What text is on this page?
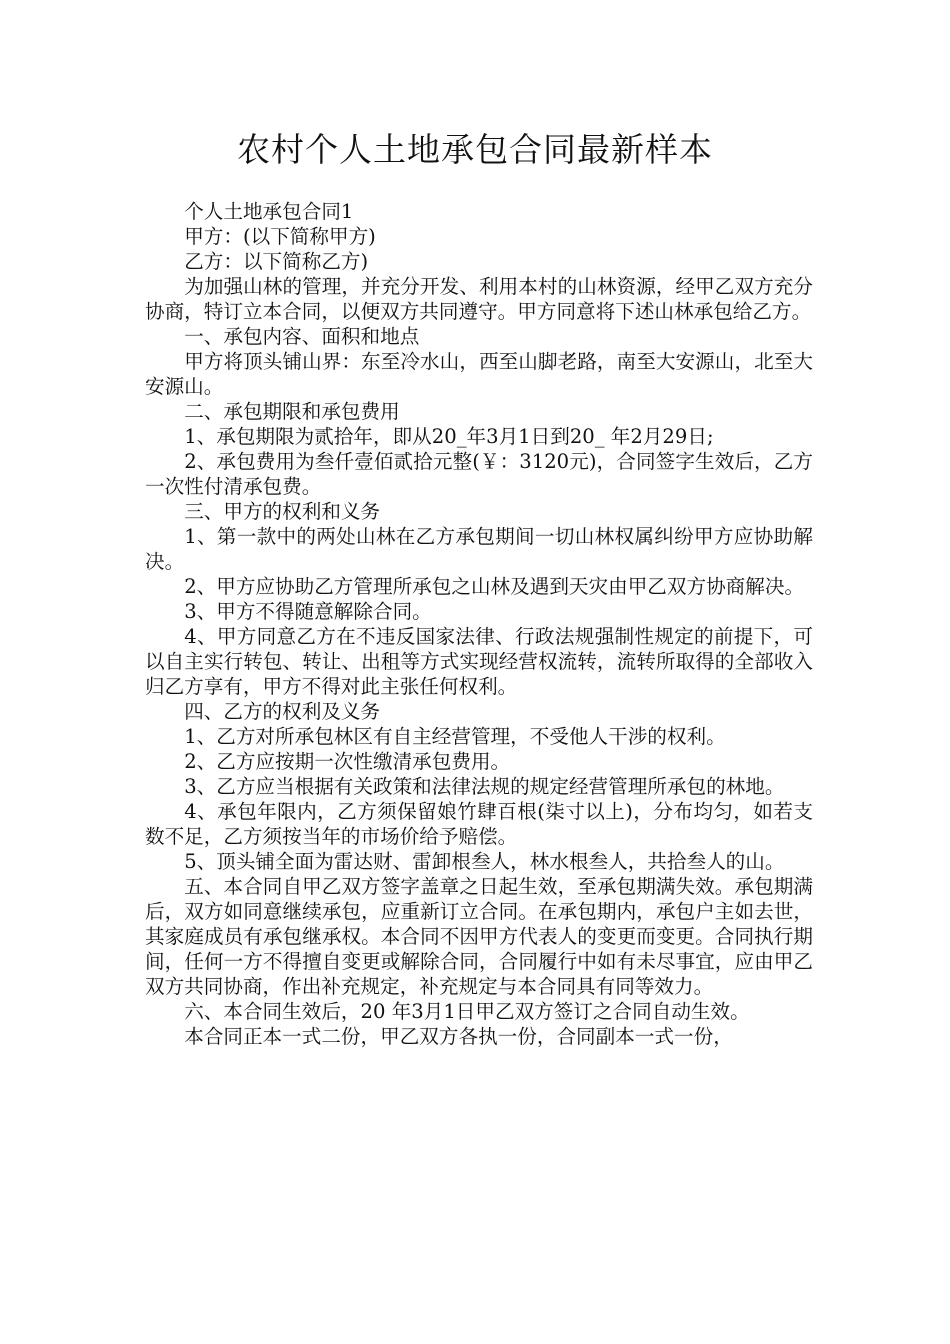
农村个人土地承包合同最新样本

个人土地承包合同1

甲方：(以下简称甲方)

乙方：以下简称乙方)

为加强山林的管理，并充分开发、利用本村的山林资源，经甲乙双方充分协商，特订立本合同，以便双方共同遵守。甲方同意将下述山林承包给乙方。

一、承包内容、面积和地点

甲方将顶头铺山界：东至冷水山，西至山脚老路，南至大安源山，北至大安源山。

二、承包期限和承包费用

1、承包期限为贰拾年，即从20_年3月1日到20_ 年2月29日;

2、承包费用为叁仟壹佰贰拾元整(￥：3120元)，合同签字生效后，乙方一次性付清承包费。

三、甲方的权利和义务

1、第一款中的两处山林在乙方承包期间一切山林权属纠纷甲方应协助解决。

2、甲方应协助乙方管理所承包之山林及遇到天灾由甲乙双方协商解决。

3、甲方不得随意解除合同。

4、甲方同意乙方在不违反国家法律、行政法规强制性规定的前提下，可以自主实行转包、转让、出租等方式实现经营权流转，流转所取得的全部收入归乙方享有，甲方不得对此主张任何权利。

四、乙方的权利及义务

1、乙方对所承包林区有自主经营管理，不受他人干涉的权利。

2、乙方应按期一次性缴清承包费用。

3、乙方应当根据有关政策和法律法规的规定经营管理所承包的林地。

4、承包年限内，乙方须保留娘竹肆百根(柒寸以上)，分布均匀，如若支数不足，乙方须按当年的市场价给予赔偿。

5、顶头铺全面为雷达财、雷卸根叁人，林水根叁人，共拾叁人的山。

五、本合同自甲乙双方签字盖章之日起生效，至承包期满失效。承包期满后，双方如同意继续承包，应重新订立合同。在承包期内，承包户主如去世，其家庭成员有承包继承权。本合同不因甲方代表人的变更而变更。合同执行期间，任何一方不得擅自变更或解除合同，合同履行中如有未尽事宜，应由甲乙双方共同协商，作出补充规定，补充规定与本合同具有同等效力。

六、本合同生效后，20 年3月1日甲乙双方签订之合同自动生效。

本合同正本一式二份，甲乙双方各执一份，合同副本一式一份，
